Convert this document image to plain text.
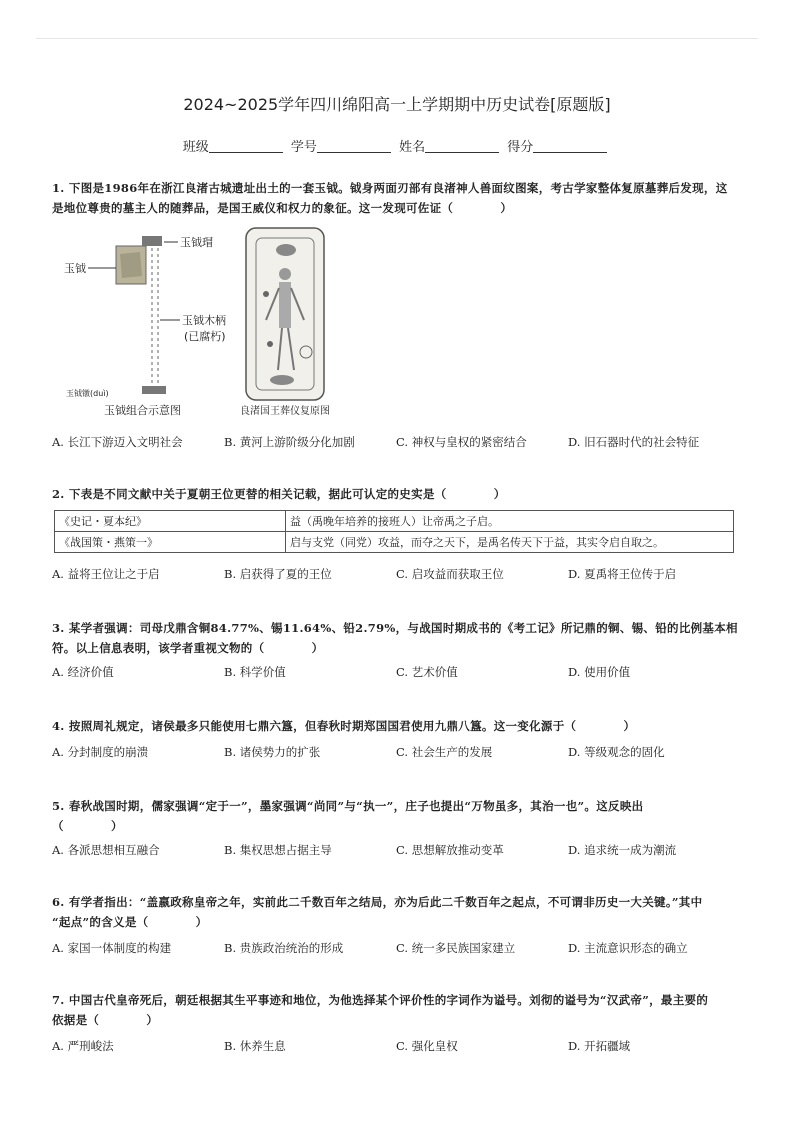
2024~2025学年四川绵阳高一上学期期中历史试卷[原题版]
班级	学号	姓名	得分
1. 下图是1986年在浙江良渚古城遗址出土的一套玉钺。钺身两面刃部有良渚神人兽面纹图案，考古学家整体复原墓葬后发现，这
是地位尊贵的墓主人的随葬品，是国王威仪和权力的象征。这一发现可佐证（　　　　）
玉钺瑁
玉钺
玉钺木柄
(已腐朽)
玉钺镦(duì)
玉钺组合示意图	良渚国王葬仪复原图
A. 长江下游迈入文明社会	B. 黄河上游阶级分化加剧	C. 神权与皇权的紧密结合	D. 旧石器时代的社会特征
2. 下表是不同文献中关于夏朝王位更替的相关记载，据此可认定的史实是（　　　　）
《史记・夏本纪》	益（禹晚年培养的接班人）让帝禹之子启。
《战国策・燕策一》	启与支党（同党）攻益，而夺之天下，是禹名传天下于益，其实令启自取之。
A. 益将王位让之于启	B. 启获得了夏的王位	C. 启攻益而获取王位	D. 夏禹将王位传于启
3. 某学者强调：司母戊鼎含铜84.77%、锡11.64%、铅2.79%，与战国时期成书的《考工记》所记鼎的铜、锡、铅的比例基本相
符。以上信息表明，该学者重视文物的（　　　　）
A. 经济价值	B. 科学价值	C. 艺术价值	D. 使用价值
4. 按照周礼规定，诸侯最多只能使用七鼎六簋，但春秋时期郑国国君使用九鼎八簋。这一变化源于（　　　　）
A. 分封制度的崩溃	B. 诸侯势力的扩张	C. 社会生产的发展	D. 等级观念的固化
5. 春秋战国时期，儒家强调“定于一”，墨家强调“尚同”与“执一”，庄子也提出“万物虽多，其治一也”。这反映出
（　　　　）
A. 各派思想相互融合	B. 集权思想占据主导	C. 思想解放推动变革	D. 追求统一成为潮流
6. 有学者指出：“盖嬴政称皇帝之年，实前此二千数百年之结局，亦为后此二千数百年之起点，不可谓非历史一大关键。”其中
“起点”的含义是（　　　　）
A. 家国一体制度的构建	B. 贵族政治统治的形成	C. 统一多民族国家建立	D. 主流意识形态的确立
7. 中国古代皇帝死后，朝廷根据其生平事迹和地位，为他选择某个评价性的字词作为谥号。刘彻的谥号为“汉武帝”，最主要的
依据是（　　　　）
A. 严刑峻法	B. 休养生息	C. 强化皇权	D. 开拓疆域
